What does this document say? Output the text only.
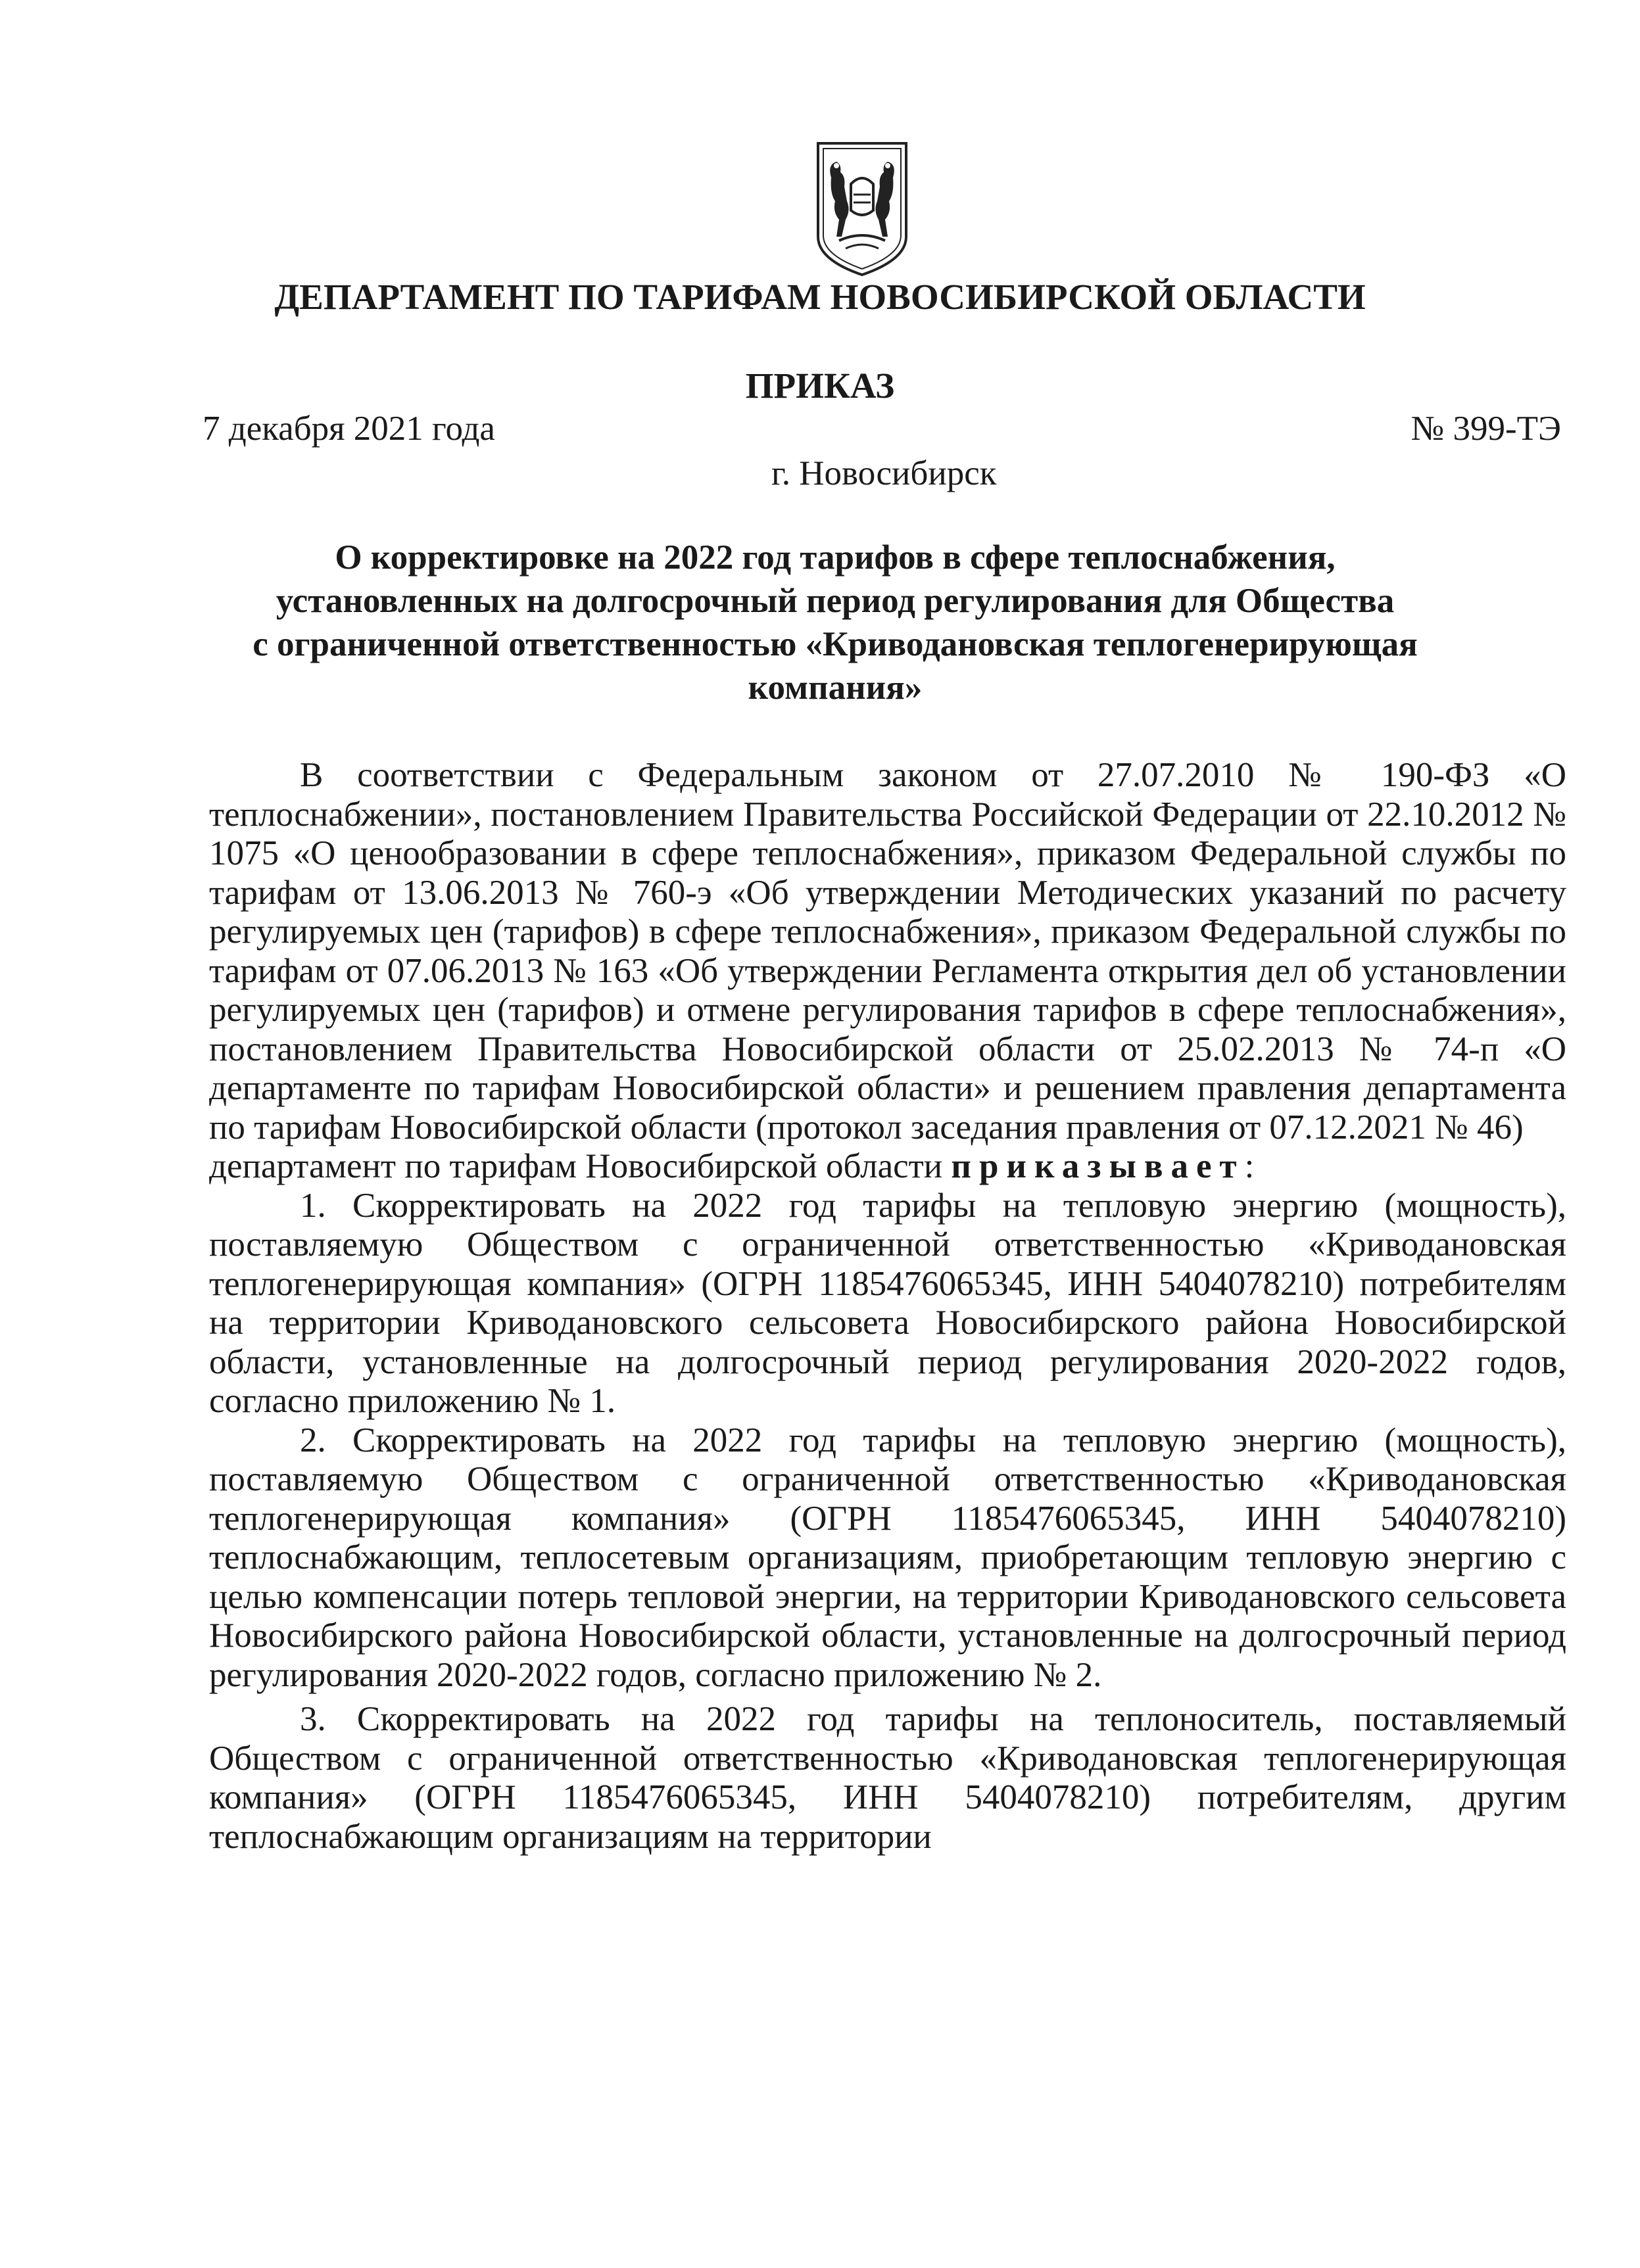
ДЕПАРТАМЕНТ ПО ТАРИФАМ НОВОСИБИРСКОЙ ОБЛАСТИ
ПРИКАЗ
7 декабря 2021 года	№ 399-ТЭ
г. Новосибирск
О корректировке на 2022 год тарифов в сфере теплоснабжения,
установленных на долгосрочный период регулирования для Общества
с ограниченной ответственностью «Криводановская теплогенерирующая
компания»

В соответствии с Федеральным законом от 27.07.2010 № 190-ФЗ «О теплоснабжении», постановлением Правительства Российской Федерации от 22.10.2012 № 1075 «О ценообразовании в сфере теплоснабжения», приказом Федеральной службы по тарифам от 13.06.2013 № 760-э «Об утверждении Методических указаний по расчету регулируемых цен (тарифов) в сфере теплоснабжения», приказом Федеральной службы по тарифам от 07.06.2013 № 163 «Об утверждении Регламента открытия дел об установлении регулируемых цен (тарифов) и отмене регулирования тарифов в сфере теплоснабжения», постановлением Правительства Новосибирской области от 25.02.2013 № 74-п «О департаменте по тарифам Новосибирской области» и решением правления департамента по тарифам Новосибирской области (протокол заседания правления от 07.12.2021 № 46)

департамент по тарифам Новосибирской области приказывает:

1. Скорректировать на 2022 год тарифы на тепловую энергию (мощность), поставляемую Обществом с ограниченной ответственностью «Криводановская теплогенерирующая компания» (ОГРН 1185476065345, ИНН 5404078210) потребителям на территории Криводановского сельсовета Новосибирского района Новосибирской области, установленные на долгосрочный период регулирования 2020-2022 годов, согласно приложению № 1.

2. Скорректировать на 2022 год тарифы на тепловую энергию (мощность), поставляемую Обществом с ограниченной ответственностью «Криводановская теплогенерирующая компания» (ОГРН 1185476065345, ИНН 5404078210) теплоснабжающим, теплосетевым организациям, приобретающим тепловую энергию с целью компенсации потерь тепловой энергии, на территории Криводановского сельсовета Новосибирского района Новосибирской области, установленные на долгосрочный период регулирования 2020-2022 годов, согласно приложению № 2.

3. Скорректировать на 2022 год тарифы на теплоноситель, поставляемый Обществом с ограниченной ответственностью «Криводановская теплогенерирующая компания» (ОГРН 1185476065345, ИНН 5404078210) потребителям, другим теплоснабжающим организациям на территории
